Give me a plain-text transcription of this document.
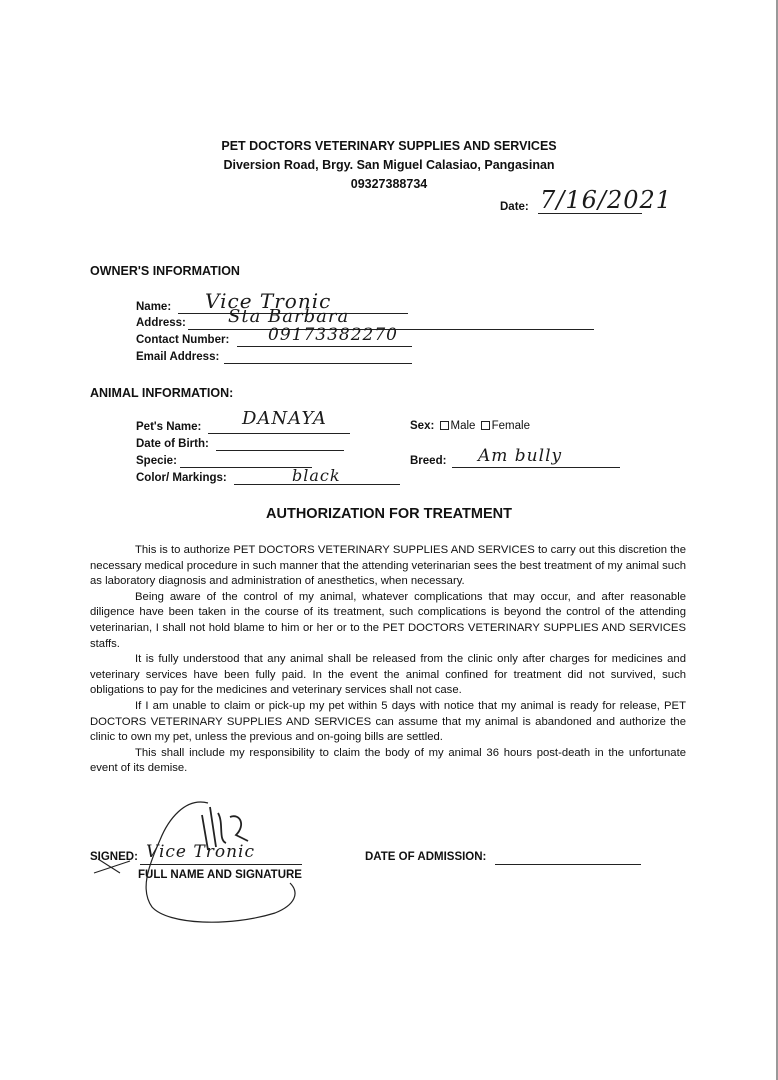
PET DOCTORS VETERINARY SUPPLIES AND SERVICES
Diversion Road, Brgy. San Miguel Calasiao, Pangasinan
09327388734
Date: 7/16/2021
OWNER'S INFORMATION
Name: Vice Tronic
Address: Sta Barbara
Contact Number: 09173382270
Email Address:
ANIMAL INFORMATION:
Pet's Name: DANAYA
Date of Birth:
Specie:
Color/ Markings:	black
Sex: Male Female
Breed: Am bully
AUTHORIZATION FOR TREATMENT

This is to authorize PET DOCTORS VETERINARY SUPPLIES AND SERVICES to carry out this discretion the necessary medical procedure in such manner that the attending veterinarian sees the best treatment of my animal such as laboratory diagnosis and administration of anesthetics, when necessary.

Being aware of the control of my animal, whatever complications that may occur, and after reasonable diligence have been taken in the course of its treatment, such complications is beyond the control of the attending veterinarian, I shall not hold blame to him or her or to the PET DOCTORS VETERINARY SUPPLIES AND SERVICES staffs.

It is fully understood that any animal shall be released from the clinic only after charges for medicines and veterinary services have been fully paid. In the event the animal confined for treatment did not survived, such obligations to pay for the medicines and veterinary services shall not case.

If I am unable to claim or pick-up my pet within 5 days with notice that my animal is ready for release, PET DOCTORS VETERINARY SUPPLIES AND SERVICES can assume that my animal is abandoned and authorize the clinic to own my pet, unless the previous and on-going bills are settled.

This shall include my responsibility to claim the body of my animal 36 hours post-death in the unfortunate event of its demise.

SIGNED: Vice Tronic
FULL NAME AND SIGNATURE
DATE OF ADMISSION:
